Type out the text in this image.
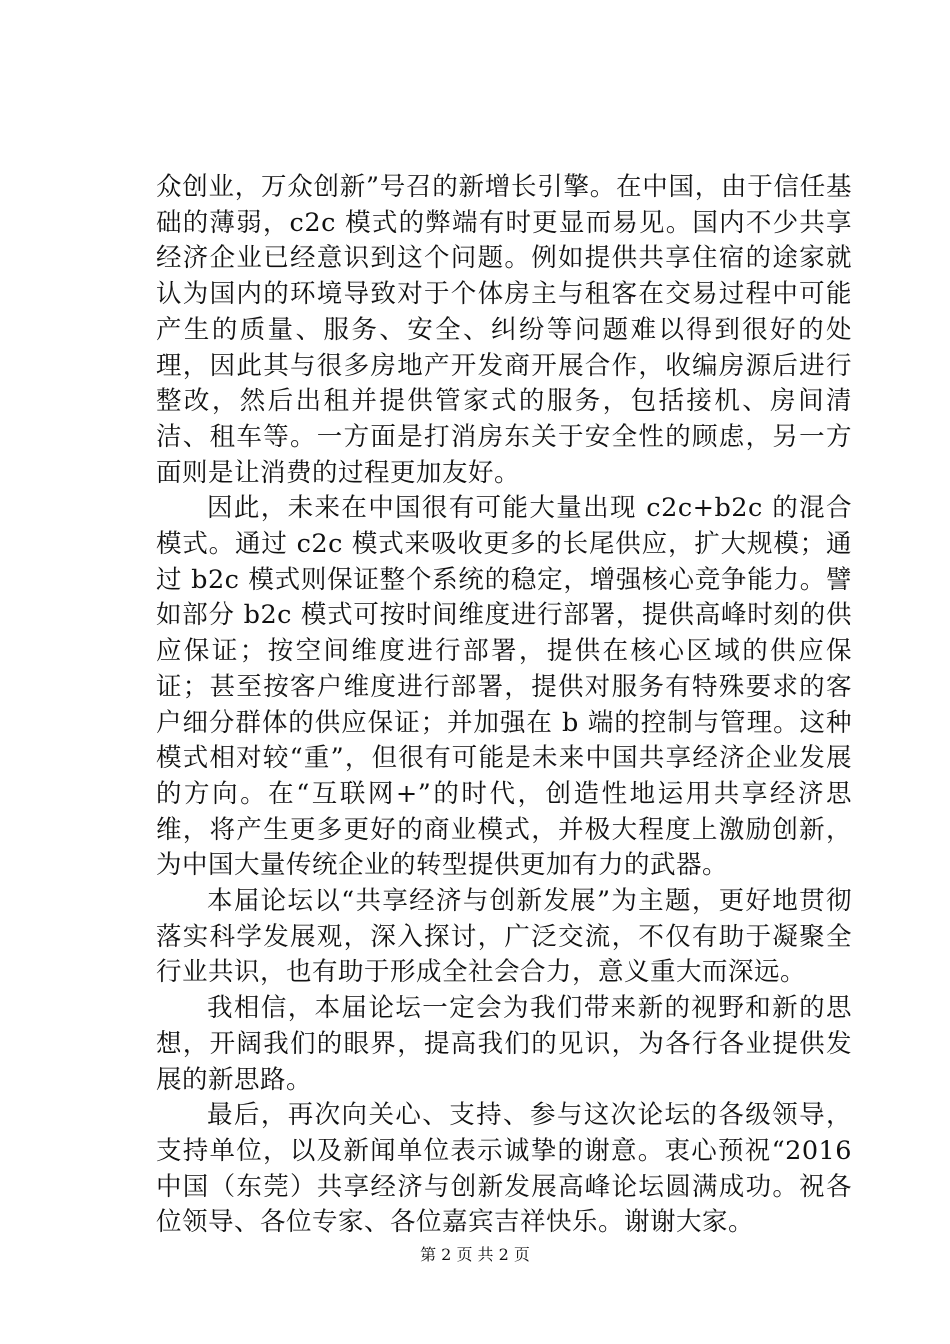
众创业，万众创新”号召的新增长引擎。在中国，由于信任基础的薄弱，c2c 模式的弊端有时更显而易见。国内不少共享经济企业已经意识到这个问题。例如提供共享住宿的途家就认为国内的环境导致对于个体房主与租客在交易过程中可能产生的质量、服务、安全、纠纷等问题难以得到很好的处理，因此其与很多房地产开发商开展合作，收编房源后进行整改，然后出租并提供管家式的服务，包括接机、房间清洁、租车等。一方面是打消房东关于安全性的顾虑，另一方面则是让消费的过程更加友好。

因此，未来在中国很有可能大量出现 c2c+b2c 的混合模式。通过 c2c 模式来吸收更多的长尾供应，扩大规模；通过 b2c 模式则保证整个系统的稳定，增强核心竞争能力。譬如部分 b2c 模式可按时间维度进行部署，提供高峰时刻的供应保证；按空间维度进行部署，提供在核心区域的供应保证；甚至按客户维度进行部署，提供对服务有特殊要求的客户细分群体的供应保证；并加强在 b 端的控制与管理。这种模式相对较“重”，但很有可能是未来中国共享经济企业发展的方向。在“互联网+”的时代，创造性地运用共享经济思维，将产生更多更好的商业模式，并极大程度上激励创新，为中国大量传统企业的转型提供更加有力的武器。

本届论坛以“共享经济与创新发展”为主题，更好地贯彻落实科学发展观，深入探讨，广泛交流，不仅有助于凝聚全行业共识，也有助于形成全社会合力，意义重大而深远。

我相信，本届论坛一定会为我们带来新的视野和新的思想，开阔我们的眼界，提高我们的见识，为各行各业提供发展的新思路。

最后，再次向关心、支持、参与这次论坛的各级领导，支持单位，以及新闻单位表示诚挚的谢意。衷心预祝“2016 中国（东莞）共享经济与创新发展高峰论坛圆满成功。祝各位领导、各位专家、各位嘉宾吉祥快乐。谢谢大家。

第 2 页 共 2 页
